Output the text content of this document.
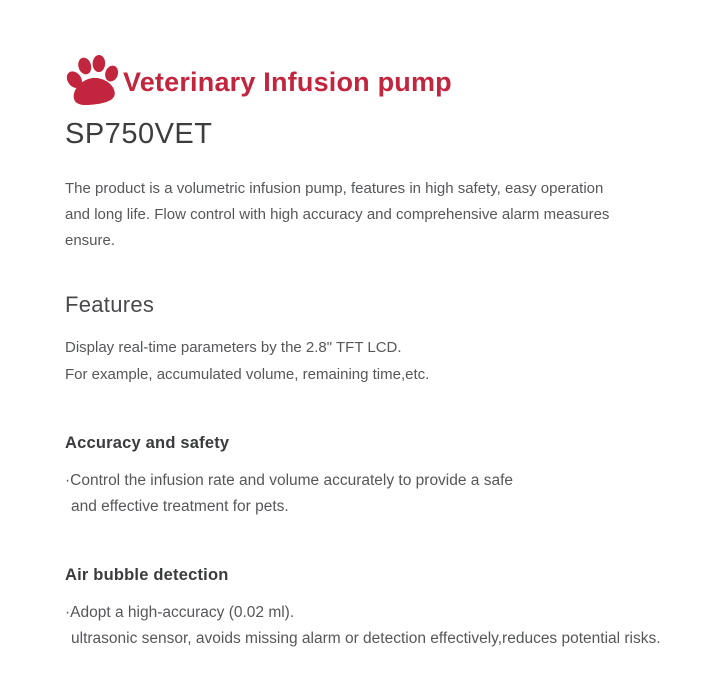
Veterinary Infusion pump
SP750VET
The product is a volumetric infusion pump, features in high safety, easy operation
and long life. Flow control with high accuracy and comprehensive alarm measures
ensure.
Features
Display real-time parameters by the 2.8" TFT LCD.
For example, accumulated volume, remaining time,etc.
Accuracy and safety
·Control the infusion rate and volume accurately to provide a safe
and effective treatment for pets.
Air bubble detection
·Adopt a high-accuracy (0.02 ml).
ultrasonic sensor, avoids missing alarm or detection effectively,reduces potential risks.
